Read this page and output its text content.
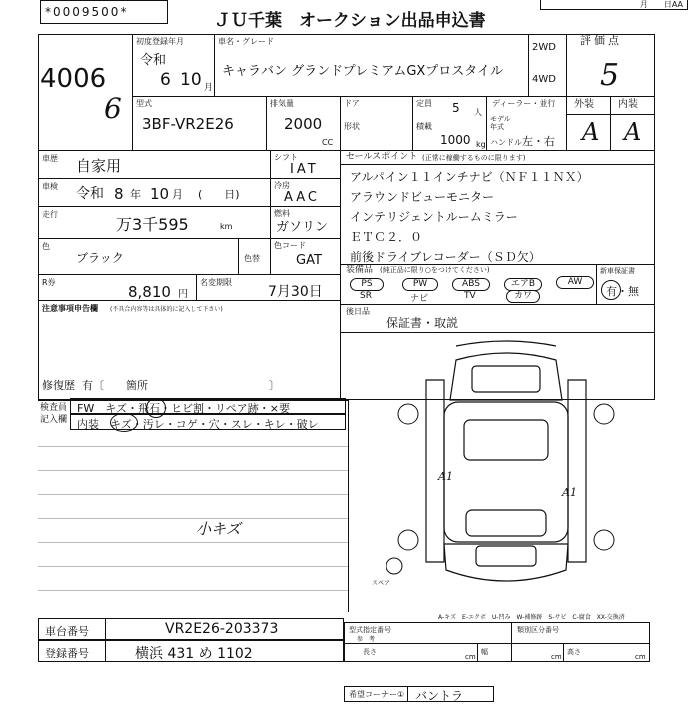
*0009500*	ＪＵ千葉　オークション出品申込書
月　　日AA
4006
6
初度登録年月
令和
6 10 月
車名・グレード
キャラバン グランドプレミアムGXプロスタイル
2WD
4WD
評価点
5
型式
3BF-VR2E26
排気量
2000
CC
ドア
形状
定員 5 人
積載
1000 kg
ディーラー・並行
モデル
年式
ハンドル 左・右
外装 内装
A A
車歴 自家用
車検 令和 8 年 10 月 (　　日)
走行
万3千595	km
シフト
IAT
冷房
AAC
燃料
ガソリン
色
ブラック	色替
色コード
GAT
R券
8,810 円
名変期限
7月30日
注意事項申告欄 (不具合内容等は具体的に記入して下さい)
修復歴 有〔　　箇所　　　　　　　　　　　〕
セールスポイント (正常に稼働するものに限ります)
アルパイン１１インチナビ（ＮＦ１１ＮＸ）
アラウンドビューモニター
インテリジェントルームミラー
ＥＴＣ２．０
前後ドライブレコーダー（ＳＤ欠）
装備品 (純正品に限り○をつけてください)	新車保証書
有・無
PS	PW	ABS	エアB	AW
SR	ナビ	TV	カワ
後日品
保証書・取説
検査員
記入欄
FW　キズ・飛石・ヒビ割・リペア跡・×要
内装　キズ・汚レ・コゲ・穴・スレ・キレ・破レ
小キズ
A1
A1
スペア
A-キズ　E-エクボ　U-凹み　W-補修跡　S-サビ　C-腐食　XX-交換済
車台番号	VR2E26-203373
登録番号	横浜 431 め 1102
型式指定番号
参　考
類別区分番号
長さ
cm
幅
cm
高さ
cm
希望コーナー① バントラ
